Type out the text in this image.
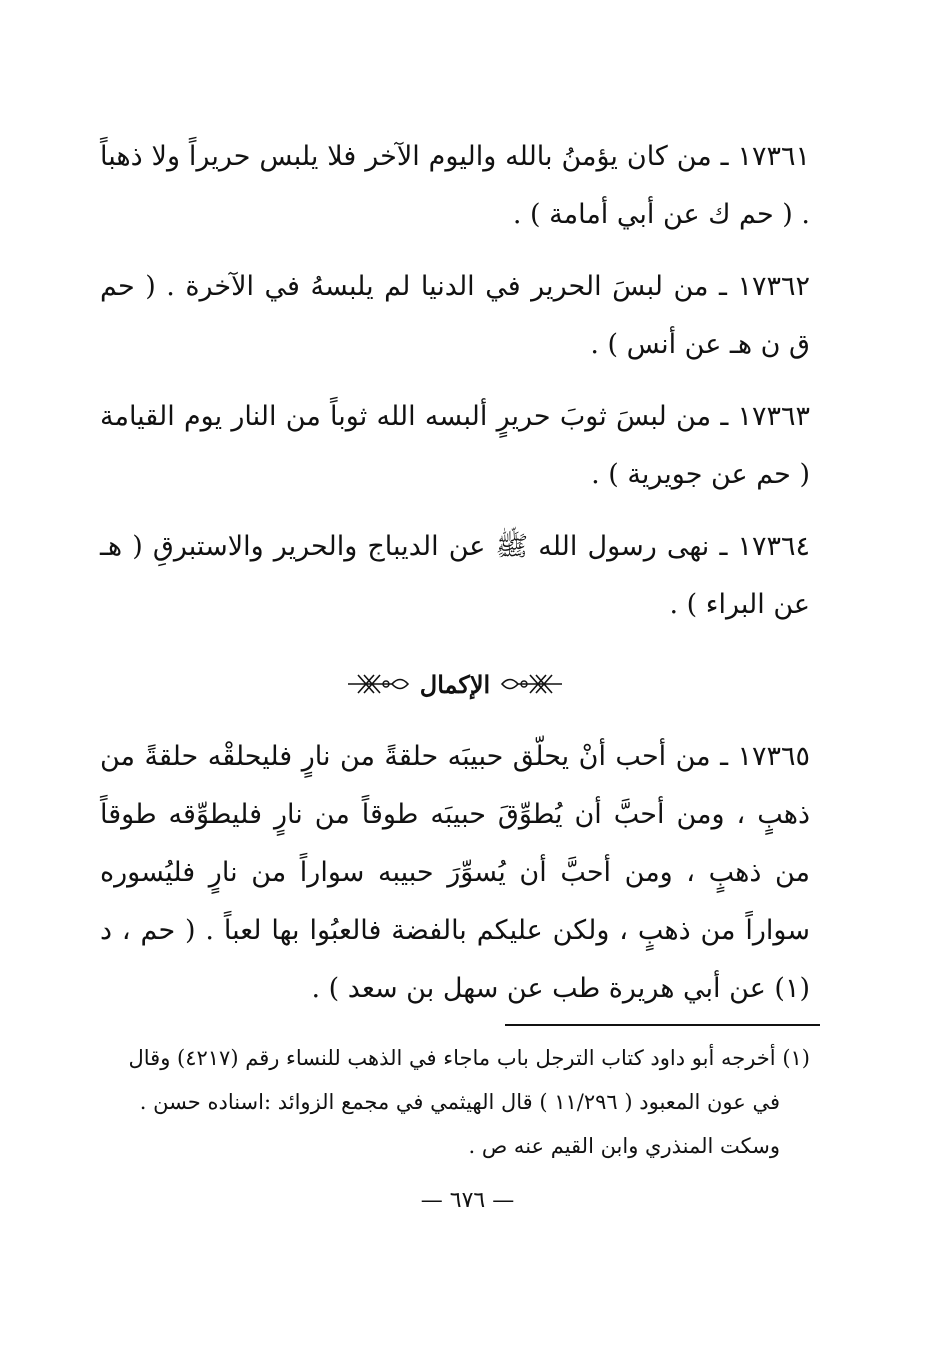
١٧٣٦١ ـ من كان يؤمنُ بالله واليوم الآخر فلا يلبس حريراً ولا ذهباً . ( حم ك عن أبي أمامة ) .

١٧٣٦٢ ـ من لبسَ الحرير في الدنيا لم يلبسهُ في الآخرة . ( حم ق ن هـ عن أنس ) .

١٧٣٦٣ ـ من لبسَ ثوبَ حريرٍ ألبسه الله ثوباً من النار يوم القيامة ( حم عن جويرية ) .

١٧٣٦٤ ـ نهى رسول الله ﷺ عن الديباج والحرير والاستبرقِ ( هـ عن البراء ) .

الإكمال

١٧٣٦٥ ـ من أحب أنْ يحلّق حبيبَه حلقةً من نارٍ فليحلقْه حلقةً من ذهبٍ ، ومن أحبَّ أن يُطوِّقَ حبيبَه طوقاً من نارٍ فليطوِّقه طوقاً من ذهبٍ ، ومن أحبَّ أن يُسوِّرَ حبيبه سواراً من نارٍ فليُسوره سواراً من ذهبٍ ، ولكن عليكم بالفضة فالعبُوا بها لعباً . ( حم ، د (١) عن أبي هريرة طب عن سهل بن سعد ) .

(١) أخرجه أبو داود كتاب الترجل باب ماجاء في الذهب للنساء رقم (٤٢١٧) وقال في عون المعبود ( ١١/٢٩٦ ) قال الهيثمي في مجمع الزوائد :اسناده حسن . وسكت المنذري وابن القيم عنه ص .
— ٦٧٦ —
